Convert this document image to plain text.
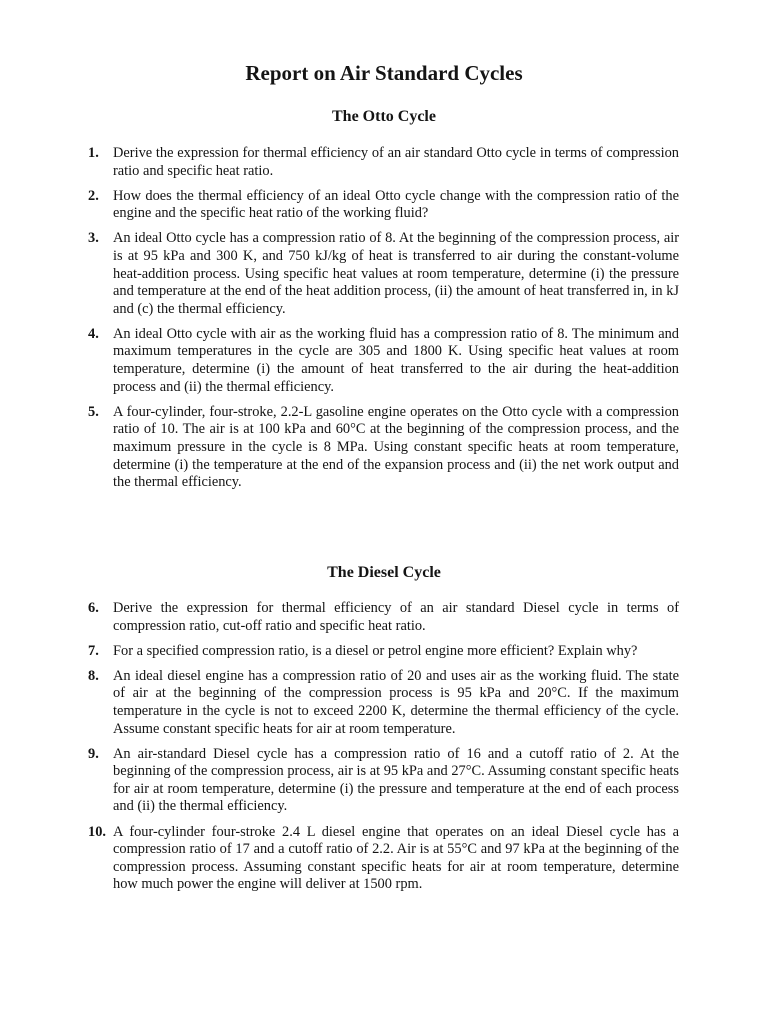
Report on Air Standard Cycles
The Otto Cycle
1. Derive the expression for thermal efficiency of an air standard Otto cycle in terms of compression ratio and specific heat ratio.
2. How does the thermal efficiency of an ideal Otto cycle change with the compression ratio of the engine and the specific heat ratio of the working fluid?
3. An ideal Otto cycle has a compression ratio of 8. At the beginning of the compression process, air is at 95 kPa and 300 K, and 750 kJ/kg of heat is transferred to air during the constant-volume heat-addition process. Using specific heat values at room temperature, determine (i) the pressure and temperature at the end of the heat addition process, (ii) the amount of heat transferred in, in kJ and (c) the thermal efficiency.
4. An ideal Otto cycle with air as the working fluid has a compression ratio of 8. The minimum and maximum temperatures in the cycle are 305 and 1800 K. Using specific heat values at room temperature, determine (i) the amount of heat transferred to the air during the heat-addition process and (ii) the thermal efficiency.
5. A four-cylinder, four-stroke, 2.2-L gasoline engine operates on the Otto cycle with a compression ratio of 10. The air is at 100 kPa and 60°C at the beginning of the compression process, and the maximum pressure in the cycle is 8 MPa. Using constant specific heats at room temperature, determine (i) the temperature at the end of the expansion process and (ii) the net work output and the thermal efficiency.
The Diesel Cycle
6. Derive the expression for thermal efficiency of an air standard Diesel cycle in terms of compression ratio, cut-off ratio and specific heat ratio.
7. For a specified compression ratio, is a diesel or petrol engine more efficient? Explain why?
8. An ideal diesel engine has a compression ratio of 20 and uses air as the working fluid. The state of air at the beginning of the compression process is 95 kPa and 20°C. If the maximum temperature in the cycle is not to exceed 2200 K, determine the thermal efficiency of the cycle. Assume constant specific heats for air at room temperature.
9. An air-standard Diesel cycle has a compression ratio of 16 and a cutoff ratio of 2. At the beginning of the compression process, air is at 95 kPa and 27°C. Assuming constant specific heats for air at room temperature, determine (i) the pressure and temperature at the end of each process and (ii) the thermal efficiency.
10. A four-cylinder four-stroke 2.4 L diesel engine that operates on an ideal Diesel cycle has a compression ratio of 17 and a cutoff ratio of 2.2. Air is at 55°C and 97 kPa at the beginning of the compression process. Assuming constant specific heats for air at room temperature, determine how much power the engine will deliver at 1500 rpm.
